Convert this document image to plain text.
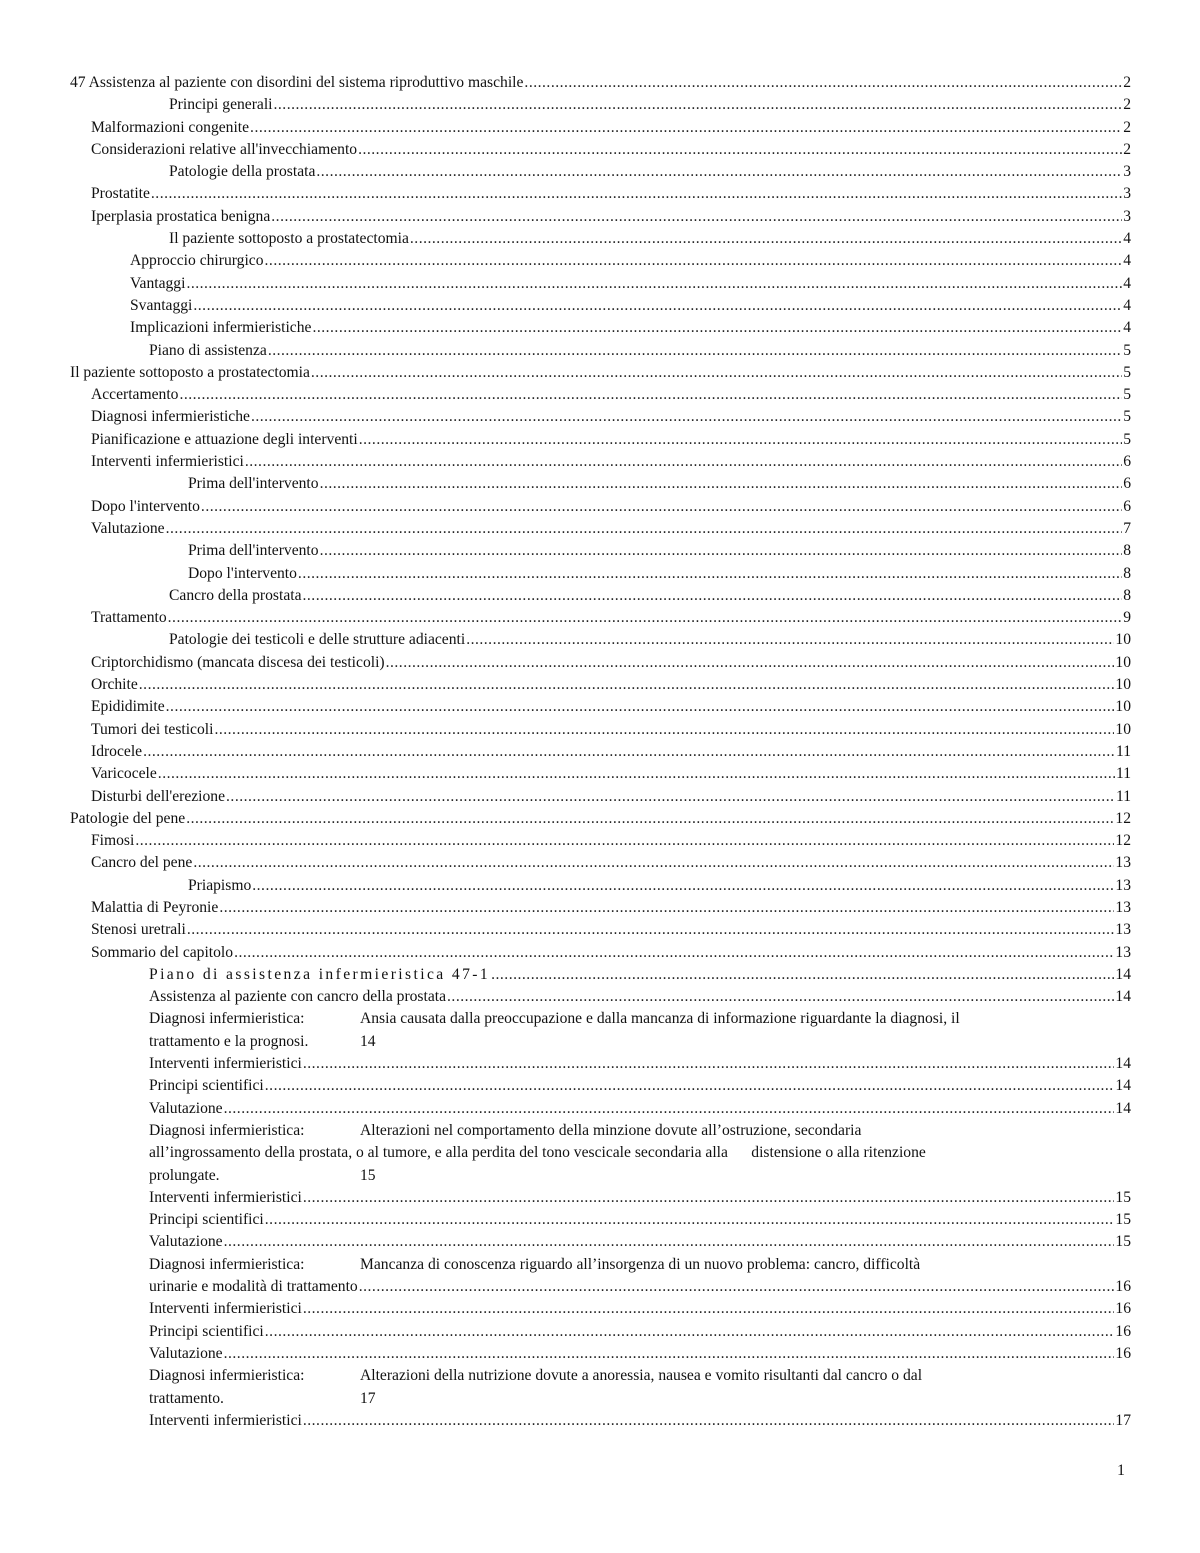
47 Assistenza al paziente con disordini del sistema riproduttivo maschile .....	2
Principi generali .....	2
Malformazioni congenite .....	2
Considerazioni relative all'invecchiamento .....	2
Patologie della prostata .....	3
Prostatite .....	3
Iperplasia prostatica benigna .....	3
Il paziente sottoposto a prostatectomia .....	4
Approccio chirurgico .....	4
Vantaggi .....	4
Svantaggi .....	4
Implicazioni infermieristiche .....	4
Piano di assistenza .....	5
Il paziente sottoposto a prostatectomia .....	5
Accertamento .....	5
Diagnosi infermieristiche .....	5
Pianificazione e attuazione degli interventi .....	5
Interventi infermieristici .....	6
Prima dell'intervento .....	6
Dopo l'intervento .....	6
Valutazione .....	7
Prima dell'intervento .....	8
Dopo l'intervento .....	8
Cancro della prostata .....	8
Trattamento .....	9
Patologie dei testicoli e delle strutture adiacenti .....	10
Criptorchidismo (mancata discesa dei testicoli) .....	10
Orchite .....	10
Epididimite .....	10
Tumori dei testicoli .....	10
Idrocele .....	11
Varicocele .....	11
Disturbi dell'erezione .....	11
Patologie del pene .....	12
Fimosi .....	12
Cancro del pene .....	13
Priapismo .....	13
Malattia di Peyronie .....	13
Stenosi uretrali .....	13
Sommario del capitolo .....	13
Piano di assistenza infermieristica 47-1 .....	14
Assistenza al paziente con cancro della prostata .....	14
Diagnosi infermieristica:	Ansia causata dalla preoccupazione e dalla mancanza di informazione riguardante la diagnosi, il
trattamento e la prognosi.	14
Interventi infermieristici .....	14
Principi scientifici .....	14
Valutazione .....	14
Diagnosi infermieristica:	Alterazioni nel comportamento della minzione dovute all’ostruzione, secondaria
all’ingrossamento della prostata, o al tumore, e alla perdita del tono vescicale secondaria alla      distensione o alla ritenzione
prolungate.	15
Interventi infermieristici .....	15
Principi scientifici .....	15
Valutazione .....	15
Diagnosi infermieristica:	Mancanza di conoscenza riguardo all’insorgenza di un nuovo problema: cancro, difficoltà
urinarie e modalità di trattamento .....	16
Interventi infermieristici .....	16
Principi scientifici .....	16
Valutazione .....	16
Diagnosi infermieristica:	Alterazioni della nutrizione dovute a anoressia, nausea e vomito risultanti dal cancro o dal
trattamento.	17
Interventi infermieristici .....	17
1
